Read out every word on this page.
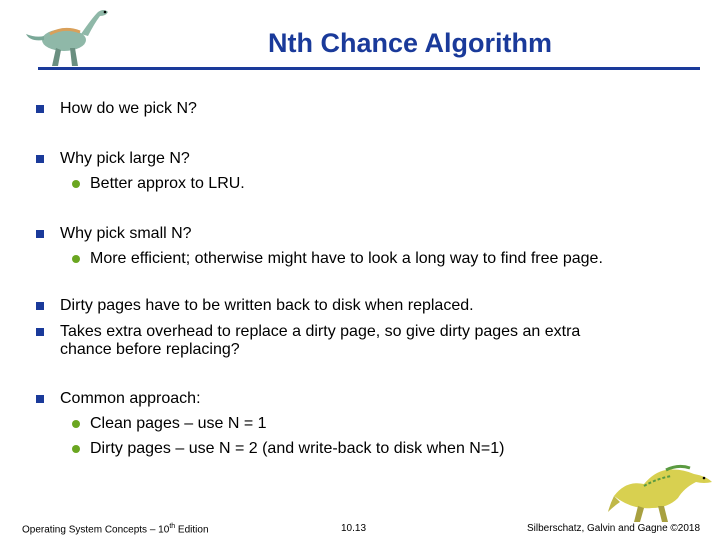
Nth Chance Algorithm
How do we pick N?
Why pick large N?
Better approx to LRU.
Why pick small N?
More efficient; otherwise might have to look a long way to find free page.
Dirty pages have to be written back to disk when replaced.
Takes extra overhead to replace a dirty page, so give dirty pages an extra
chance before replacing?
Common approach:
Clean pages – use N = 1
Dirty pages – use N = 2 (and write-back to disk when N=1)
Operating System Concepts – 10th Edition	10.13	Silberschatz, Galvin and Gagne ©2018
